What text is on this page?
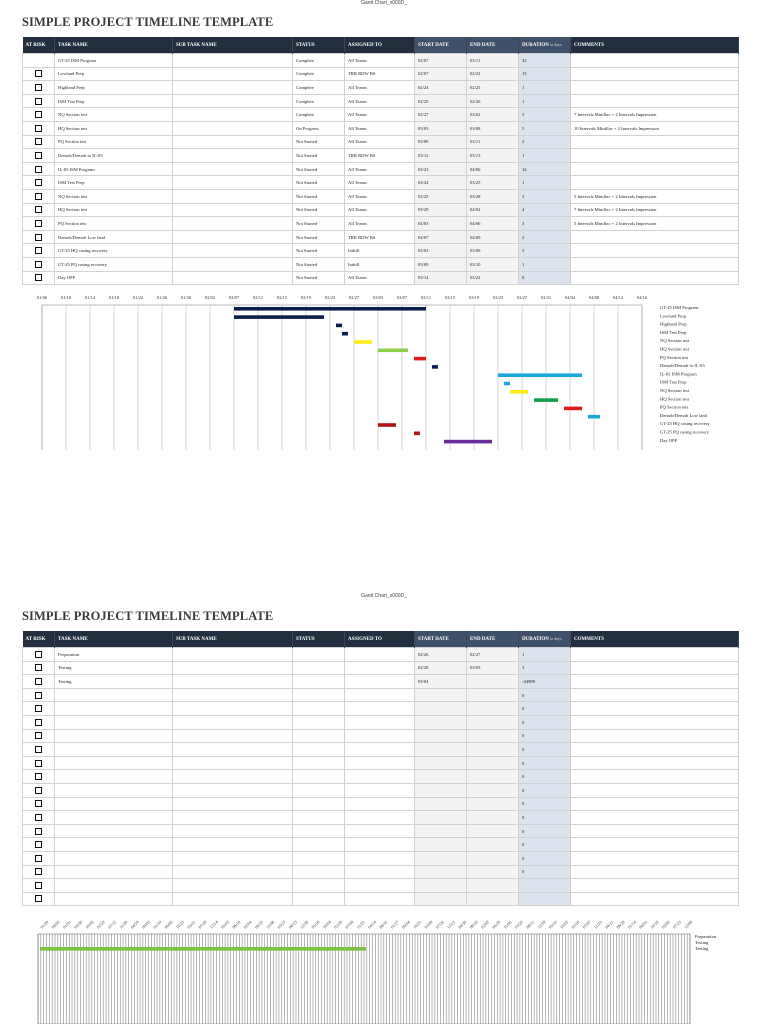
Gantt Chart_x000D_
SIMPLE PROJECT TIMELINE TEMPLATE
AT RISK	TASK NAME	SUB TASK NAME	STATUS	ASSIGNED TO	START DATE	END DATE	DURATION in days	COMMENTS
	GT-25 ISM Program		Complete	All Teams	02/07	03/11	32	
	Lowland Prep		Complete	TRR RDW RS	02/07	02/22	15	
	Highland Prep		Complete	All Teams	02/24	02/25	1	
	ISM Test Prep		Complete	All Teams	02/25	02/26	1	
	NQ Section test		Complete	All Teams	02/27	03/02	3	7 Intervals Miniflac + 2 Intervals Impression
	HQ Section test		On Progress	All Teams	03/03	03/08	5	10 Intervals Miniflac + 2 Intervals Impression
	PQ Section test		Not Started	All Teams	03/09	03/11	2	
	Demob/Demob to IL-03		Not Started	TRR RDW RS	03/12	03/13	1	
	IL-03 ISM Program		Not Started	All Teams	03/23	04/06	14	
	ISM Test Prep		Not Started	All Teams	03/24	03/25	1	
	NQ Section test		Not Started	All Teams	03/25	03/28	3	5 Intervals Miniflac + 2 Intervals Impression
	HQ Section test		Not Started	All Teams	03/29	04/02	4	7 Intervals Miniflac + 2 Intervals Impression
	PQ Section tets		Not Started	All Teams	04/03	04/06	3	5 Intervals Miniflac + 2 Intervals Impression
	Demob/Demob Low land		Not Started	TRR RDW RS	04/07	04/09	2	
	GT-25 HQ casing recovery		Not Started	Indrill	03/03	03/06	3	
	GT-25 PQ casing recovery		Not Started	Indrill	03/09	03/10	1	
	Day OFF		Not Started	All Teams	03/14	03/22	8	
01/06	01/10	01/14	01/18	01/22	01/26	01/30	02/03	02/07	02/11	02/15	02/19	02/23	02/27	03/03	03/07	03/11	03/15	03/19	03/23	03/27	03/31	04/04	04/08	04/12	04/16
GT-25 ISM Program
Lowland Prep
Highland Prep
ISM Test Prep
NQ Section test
HQ Section test
PQ Section test
Demob/Demob to IL-03
IL-03 ISM Program
ISM Test Prep
NQ Section test
HQ Section test
PQ Section tets
Demob/Demob Low land
GT-25 HQ casing recovery
GT-25 PQ casing recovery
Day OFF
Gantt Chart_x000D_
SIMPLE PROJECT TIMELINE TEMPLATE
AT RISK	TASK NAME	SUB TASK NAME	STATUS	ASSIGNED TO	START DATE	END DATE	DURATION in days	COMMENTS
	Preparation				02/26	02/27	1	
	Testing				02/28	03/03	3	
	Testing				03/04		-44989	
							0	
							0	
							0	
							0	
							0	
							0	
							0	
							0	
							0	
							0	
							0	
							0	
							0	
							0	

01/29 09/05 01/01 05/30 10/06 02/22 07/12 11/28 04/19 09/02 01/19 06/06 10/23 03/11 07/28 12/14 05/02 09/19 02/04 06/22 11/08 03/27 08/13 12/30 05/18 10/04 02/20 07/09 11/25 04/14 08/31 01/17 06/04 10/21 03/09 07/26 12/12 04/30 09/16 02/02 06/20 11/06 03/25 08/11 12/28 05/16 10/02 02/18 07/07 11/23 04/11 08/28 01/14 06/01 10/18 03/06 07/23 12/09
Preparation
Testing
Testing
